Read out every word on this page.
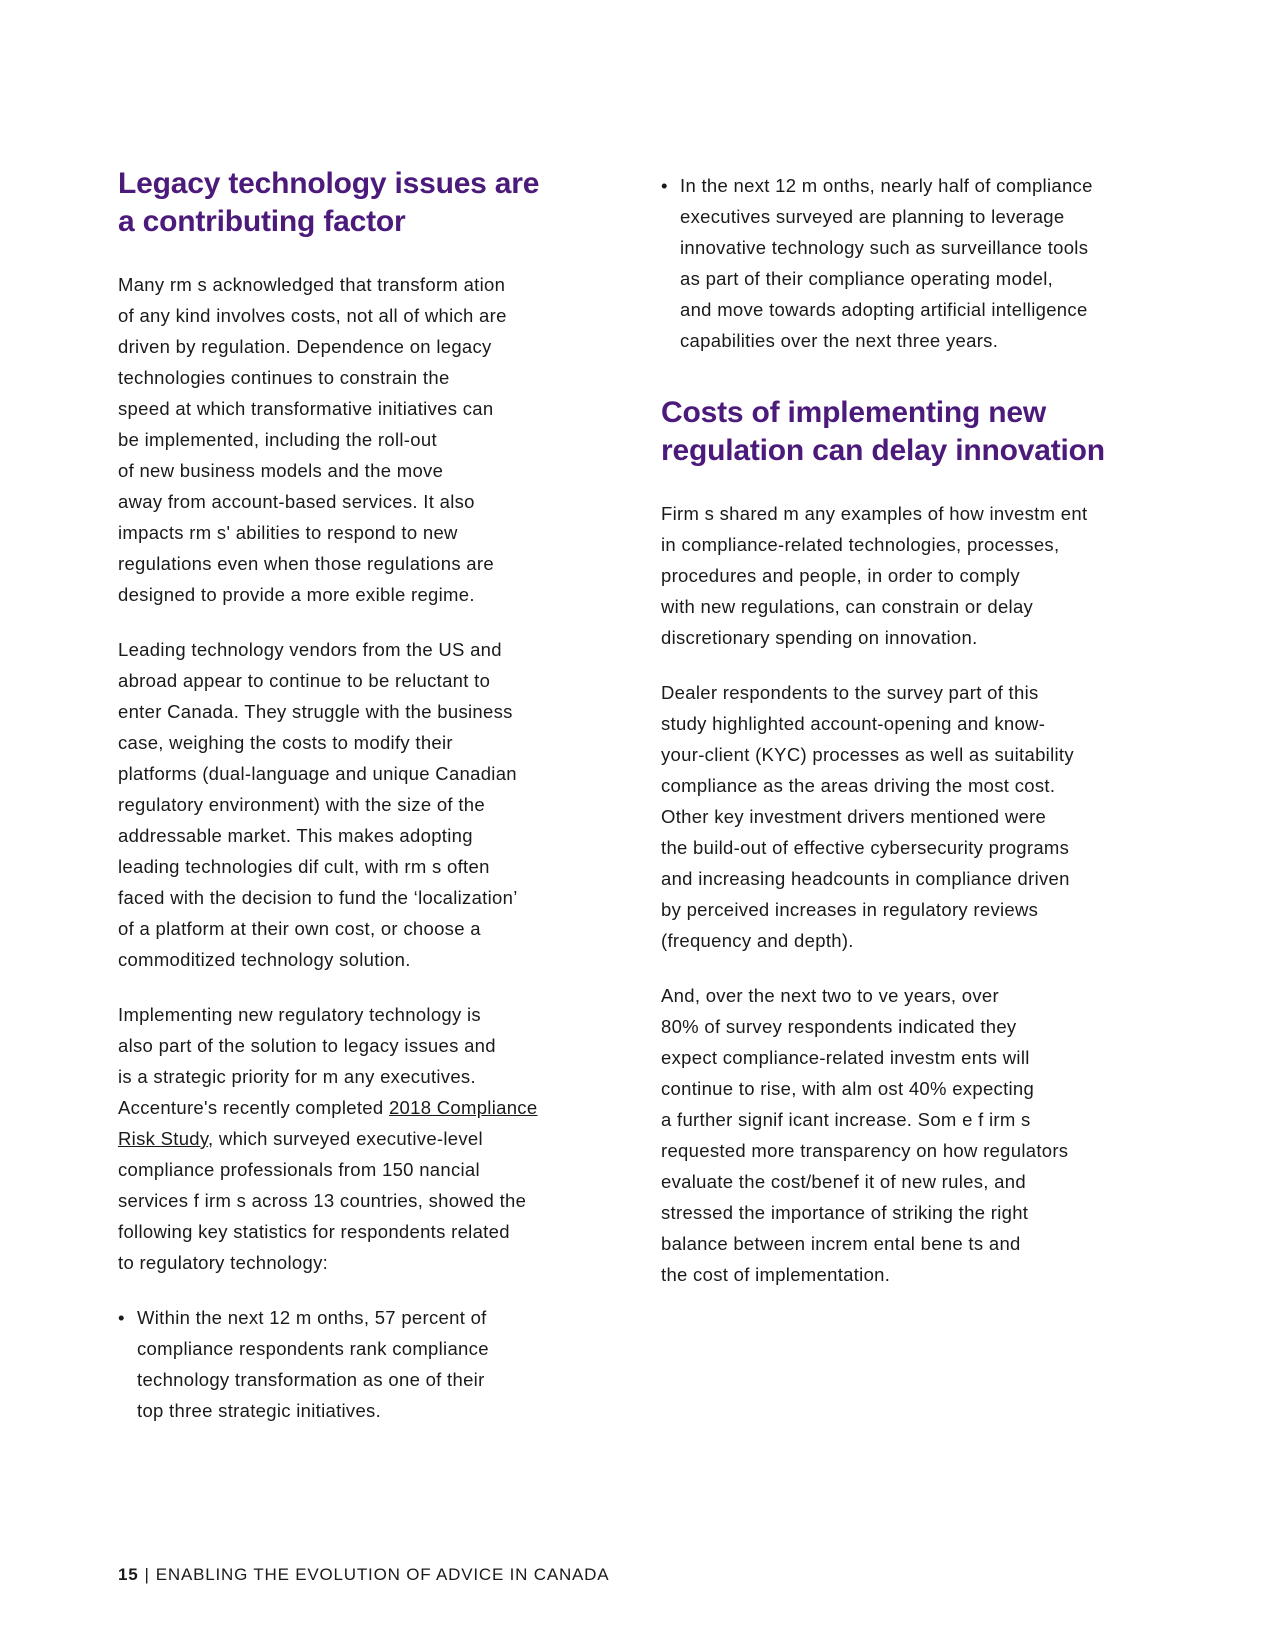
Legacy technology issues are
a contributing factor

Many rm s acknowledged that transform ation
of any kind involves costs, not all of which are
driven by regulation. Dependence on legacy
technologies continues to constrain the
speed at which transformative initiatives can
be implemented, including the roll-out
of new business models and the move
away from account-based services. It also
impacts rm s' abilities to respond to new
regulations even when those regulations are
designed to provide a more exible regime.

Leading technology vendors from the US and
abroad appear to continue to be reluctant to
enter Canada. They struggle with the business
case, weighing the costs to modify their
platforms (dual-language and unique Canadian
regulatory environment) with the size of the
addressable market. This makes adopting
leading technologies dif cult, with rm s often
faced with the decision to fund the ‘localization’
of a platform at their own cost, or choose a
commoditized technology solution.

Implementing new regulatory technology is
also part of the solution to legacy issues and
is a strategic priority for m any executives.
Accenture's recently completed 2018 Compliance
Risk Study, which surveyed executive-level
compliance professionals from 150 nancial
services f irm s across 13 countries, showed the
following key statistics for respondents related
to regulatory technology:

• Within the next 12 m onths, 57 percent of
compliance respondents rank compliance
technology transformation as one of their
top three strategic initiatives.
• In the next 12 m onths, nearly half of compliance
executives surveyed are planning to leverage
innovative technology such as surveillance tools
as part of their compliance operating model,
and move towards adopting artificial intelligence
capabilities over the next three years.
Costs of implementing new
regulation can delay innovation

Firm s shared m any examples of how investm ent
in compliance-related technologies, processes,
procedures and people, in order to comply
with new regulations, can constrain or delay
discretionary spending on innovation.

Dealer respondents to the survey part of this
study highlighted account-opening and know-
your-client (KYC) processes as well as suitability
compliance as the areas driving the most cost.
Other key investment drivers mentioned were
the build-out of effective cybersecurity programs
and increasing headcounts in compliance driven
by perceived increases in regulatory reviews
(frequency and depth).

And, over the next two to ve years, over
80% of survey respondents indicated they
expect compliance-related investm ents will
continue to rise, with alm ost 40% expecting
a further signif icant increase. Som e f irm s
requested more transparency on how regulators
evaluate the cost/benef it of new rules, and
stressed the importance of striking the right
balance between increm ental bene ts and
the cost of implementation.

15 | ENABLING THE EVOLUTION OF ADVICE IN CANADA
